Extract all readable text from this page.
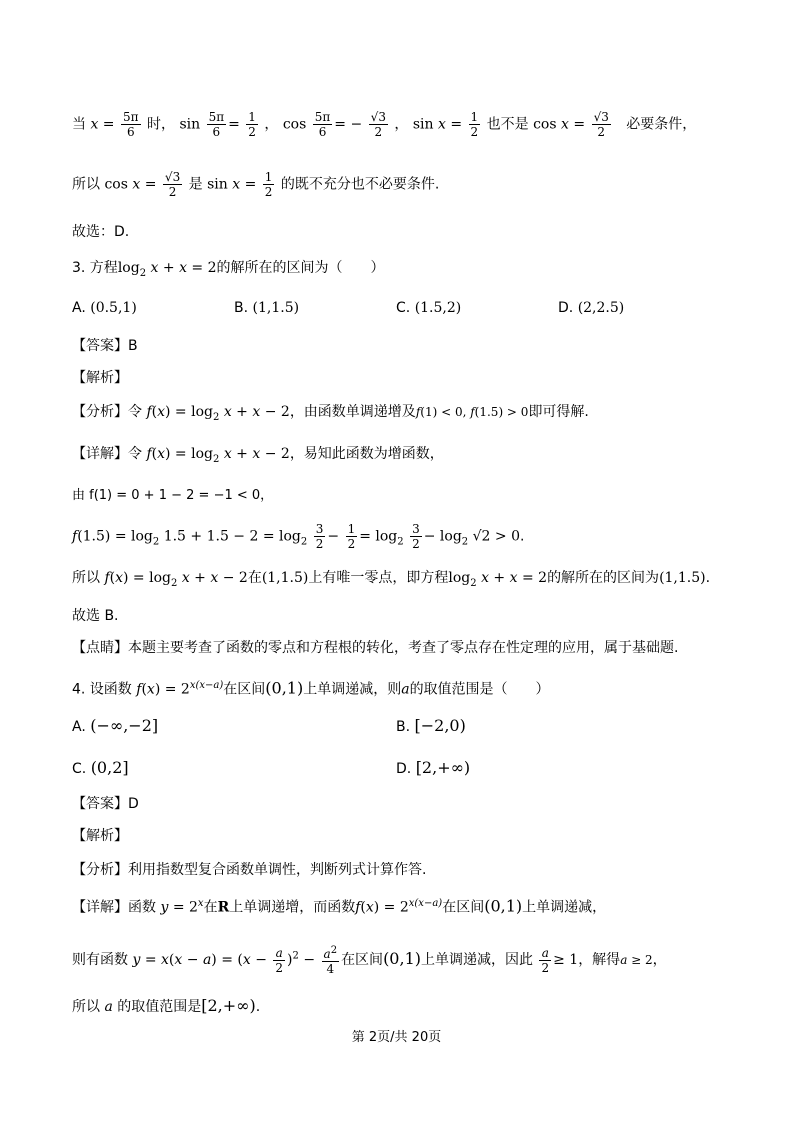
当 $x = \frac{5\pi}{6}$ 时， $\sin \frac{5\pi}{6} = \frac{1}{2}$ ， $\cos \frac{5\pi}{6}$ = − $\frac{√3}{2}$ ， $\sin x = \frac{1}{2}$ 也不是 $\cos x = \frac{√3}{2}$ 必要条件，
所以 $\cos x = \frac{√3}{2}$ 是 $\sin x = \frac{1}{2}$ 的既不充分也不必要条件.
故选：D.
3. 方程$\log_2 x + x = 2$的解所在的区间为（　　）
A. (0.5,1)	B. (1,1.5)	C. (1.5,2)	D. (2,2.5)
【答案】B
【解析】
【分析】令 $f(x) = \log_2 x + x - 2$，由函数单调递增及f(1) < 0, f(1.5) > 0即可得解.
【详解】令 $f(x) = \log_2 x + x - 2$，易知此函数为增函数，
由 f(1) = 0 + 1 − 2 = −1 < 0，
$f(1.5) = \log_2 1.5 + 1.5 - 2 = \log_2 \frac{3}{2} - \frac{1}{2} = \log_2 \frac{3}{2} - \log_2 √2 > 0$.
所以 $f(x) = \log_2 x + x - 2$在(1,1.5)上有唯一零点，即方程$\log_2 x + x = 2$的解所在的区间为(1,1.5).
故选 B.
【点睛】本题主要考查了函数的零点和方程根的转化，考查了零点存在性定理的应用，属于基础题.
4. 设函数 $f(x) = 2^{x(x-a)}$在区间(0,1)上单调递减，则a的取值范围是（　　）
A. (−∞,−2]	B. [−2,0)
C. (0,2]	D. [2,+∞)
【答案】D
【解析】
【分析】利用指数型复合函数单调性，判断列式计算作答.
【详解】函数 $y = 2^x$在R上单调递增，而函数$f(x) = 2^{x(x-a)}$在区间(0,1)上单调递减，
则有函数 $y = x(x - a) = (x - \frac{a}{2} )^2 - \frac{a^2}{4}$ 在区间(0,1)上单调递减，因此 $\frac{a}{2} \ge 1$，解得a ≥ 2，
所以 a 的取值范围是[2,+∞).
第 2页/共 20页
